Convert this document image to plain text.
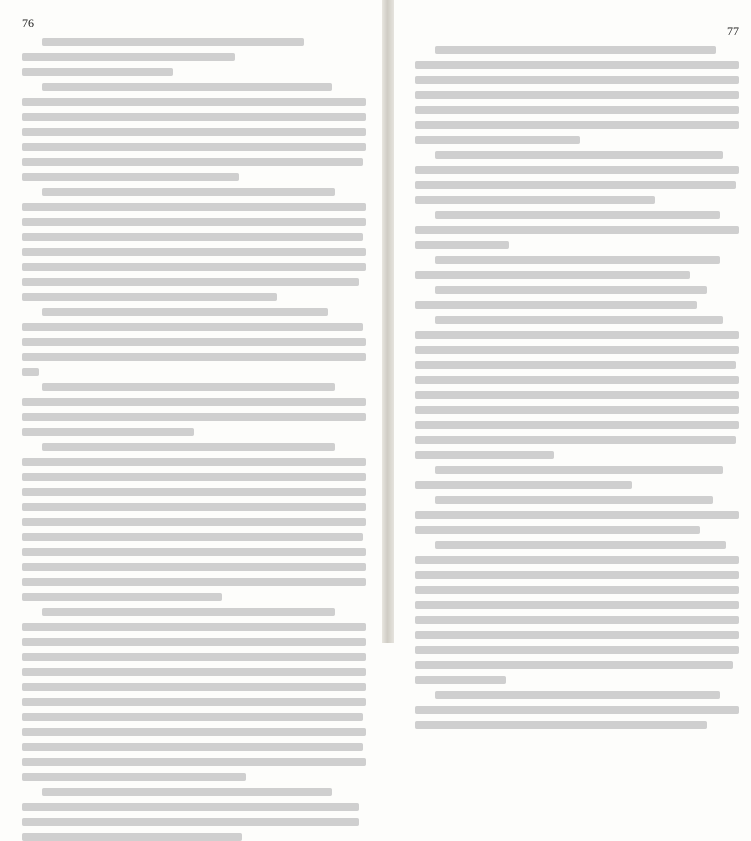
76
77
